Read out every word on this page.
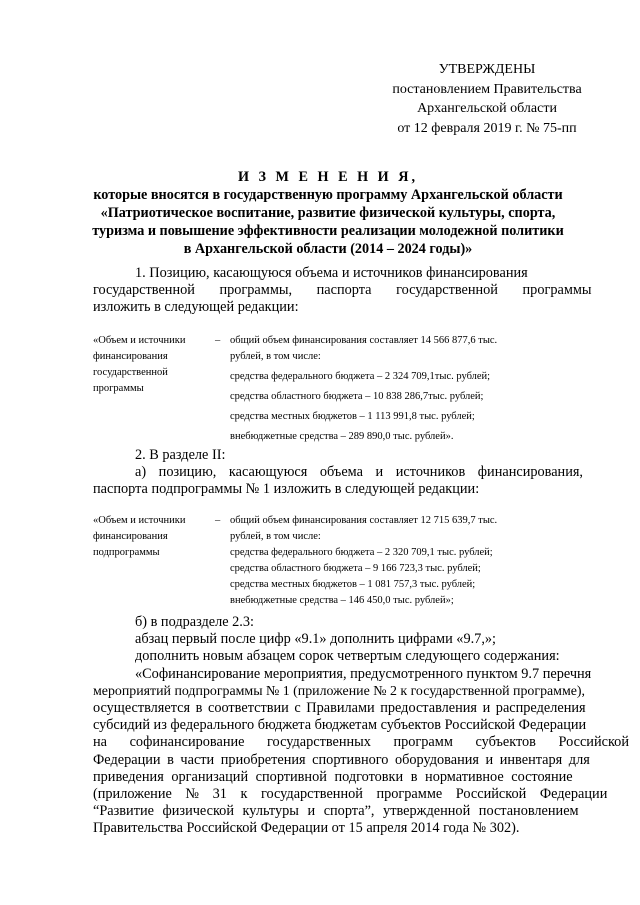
УТВЕРЖДЕНЫ
постановлением Правительства
Архангельской области
от 12 февраля 2019 г. № 75-пп
И З М Е Н Е Н И Я,
которые вносятся в государственную программу Архангельской области
«Патриотическое воспитание, развитие физической культуры, спорта,
туризма и повышение эффективности реализации молодежной политики
в Архангельской области (2014 – 2024 годы)»
1. Позицию, касающуюся объема и источников финансирования
государственной программы, паспорта государственной программы
изложить в следующей редакции:
«Объем и источники
финансирования
государственной
программы
– общий объем финансирования составляет 14 566 877,6 тыс.
рублей, в том числе:
средства федерального бюджета – 2 324 709,1тыс. рублей;
средства областного бюджета – 10 838 286,7тыс. рублей;
средства местных бюджетов – 1 113 991,8 тыс. рублей;
внебюджетные средства – 289 890,0 тыс. рублей».
2. В разделе II:
а) позицию, касающуюся объема и источников финансирования,
паспорта подпрограммы № 1 изложить в следующей редакции:
«Объем и источники
финансирования
подпрограммы
– общий объем финансирования составляет 12 715 639,7 тыс.
рублей, в том числе:
средства федерального бюджета – 2 320 709,1 тыс. рублей;
средства областного бюджета – 9 166 723,3 тыс. рублей;
средства местных бюджетов – 1 081 757,3 тыс. рублей;
внебюджетные средства – 146 450,0 тыс. рублей»;
б) в подразделе 2.3:
абзац первый после цифр «9.1» дополнить цифрами «9.7,»;
дополнить новым абзацем сорок четвертым следующего содержания:
«Софинансирование мероприятия, предусмотренного пунктом 9.7 перечня
мероприятий подпрограммы № 1 (приложение № 2 к государственной программе),
осуществляется в соответствии с Правилами предоставления и распределения
субсидий из федерального бюджета бюджетам субъектов Российской Федерации
на софинансирование государственных программ субъектов Российской
Федерации в части приобретения спортивного оборудования и инвентаря для
приведения организаций спортивной подготовки в нормативное состояние
(приложение № 31 к государственной программе Российской Федерации
“Развитие физической культуры и спорта”, утвержденной постановлением
Правительства Российской Федерации от 15 апреля 2014 года № 302).
